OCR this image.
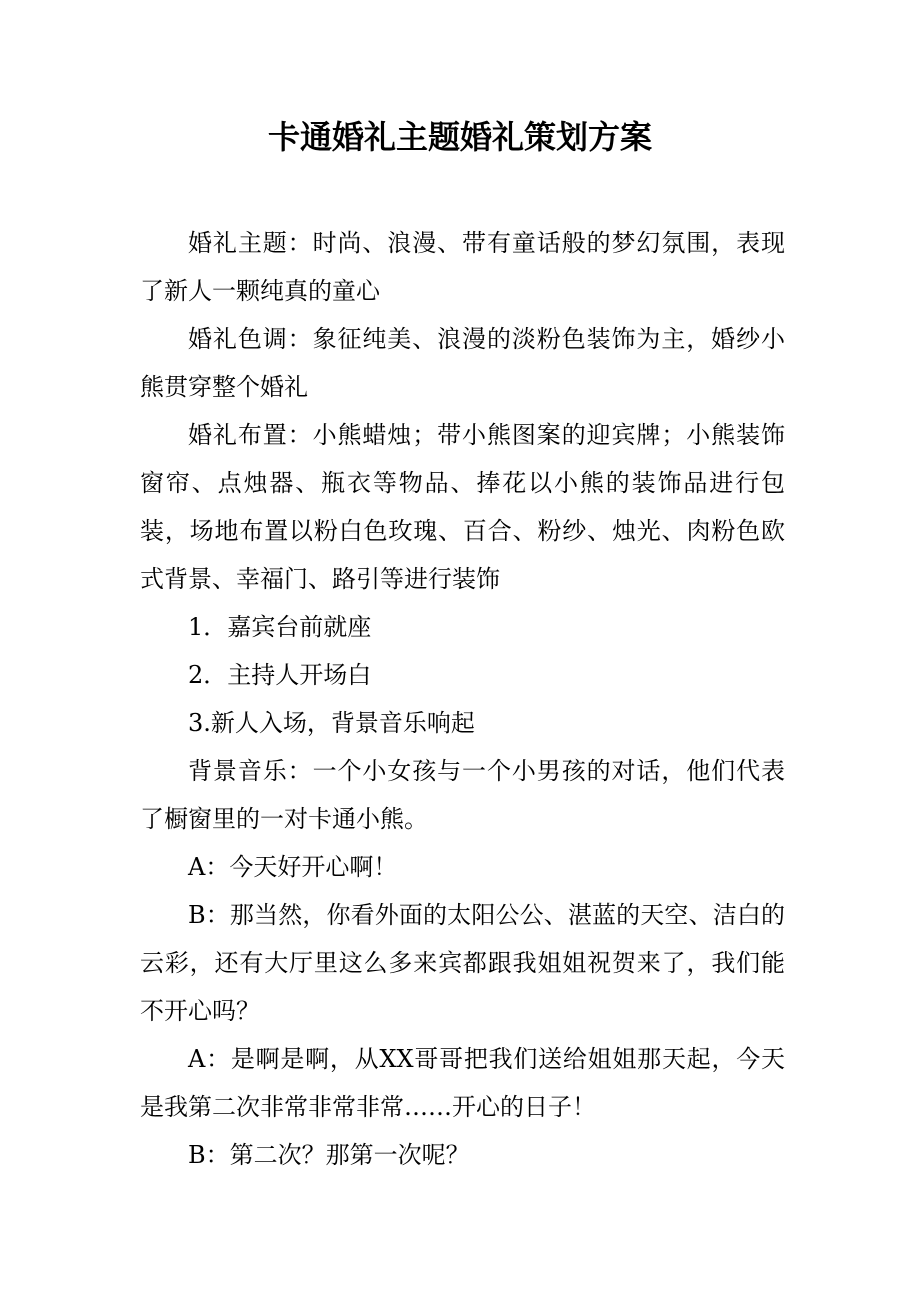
卡通婚礼主题婚礼策划方案

婚礼主题：时尚、浪漫、带有童话般的梦幻氛围，表现了新人一颗纯真的童心

婚礼色调：象征纯美、浪漫的淡粉色装饰为主，婚纱小熊贯穿整个婚礼

婚礼布置：小熊蜡烛；带小熊图案的迎宾牌；小熊装饰窗帘、点烛器、瓶衣等物品、捧花以小熊的装饰品进行包装，场地布置以粉白色玫瑰、百合、粉纱、烛光、肉粉色欧式背景、幸福门、路引等进行装饰

1．嘉宾台前就座

2．主持人开场白

3.新人入场，背景音乐响起

背景音乐：一个小女孩与一个小男孩的对话，他们代表了橱窗里的一对卡通小熊。

A：今天好开心啊！

B：那当然，你看外面的太阳公公、湛蓝的天空、洁白的云彩，还有大厅里这么多来宾都跟我姐姐祝贺来了，我们能不开心吗？

A：是啊是啊，从XX哥哥把我们送给姐姐那天起，今天是我第二次非常非常非常……开心的日子！

B：第二次？那第一次呢？
